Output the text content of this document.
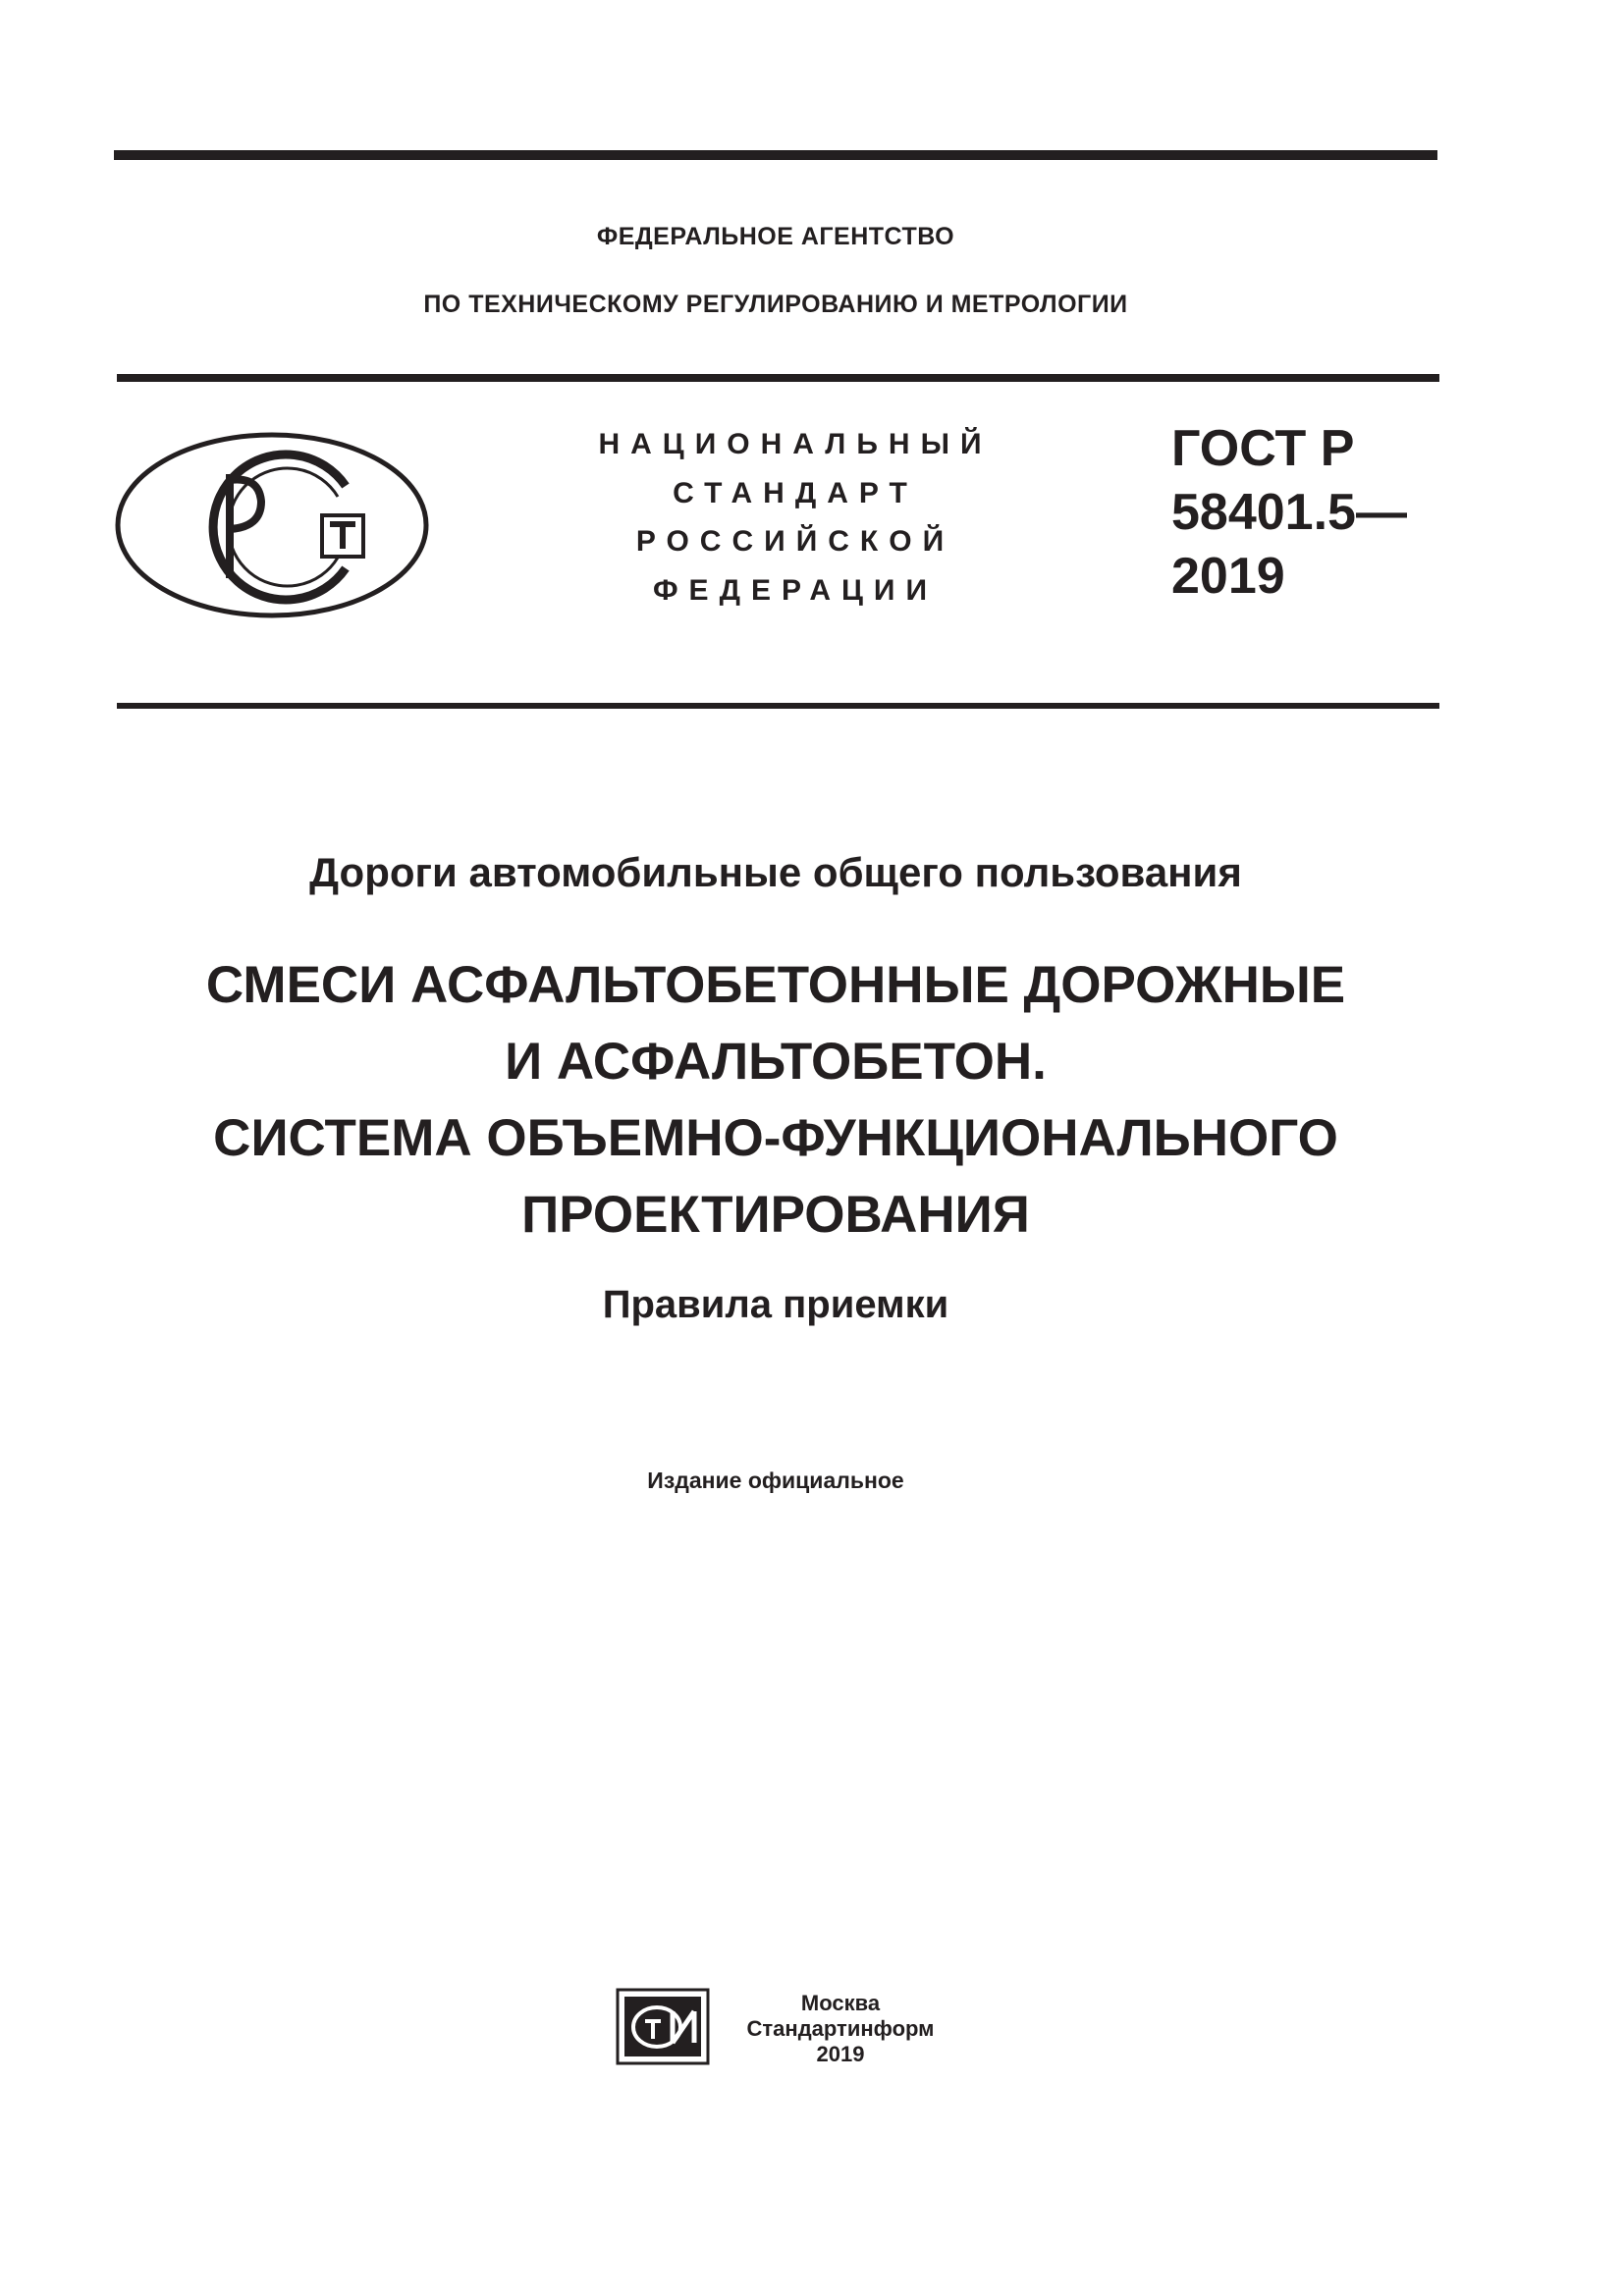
ФЕДЕРАЛЬНОЕ АГЕНТСТВО
ПО ТЕХНИЧЕСКОМУ РЕГУЛИРОВАНИЮ И МЕТРОЛОГИИ
НАЦИОНАЛЬНЫЙ
СТАНДАРТ
РОССИЙСКОЙ
ФЕДЕРАЦИИ
ГОСТ Р
58401.5—
2019
Дороги автомобильные общего пользования
СМЕСИ АСФАЛЬТОБЕТОННЫЕ ДОРОЖНЫЕ
И АСФАЛЬТОБЕТОН.
СИСТЕМА ОБЪЕМНО-ФУНКЦИОНАЛЬНОГО
ПРОЕКТИРОВАНИЯ
Правила приемки
Издание официальное
Москва
Стандартинформ
2019
